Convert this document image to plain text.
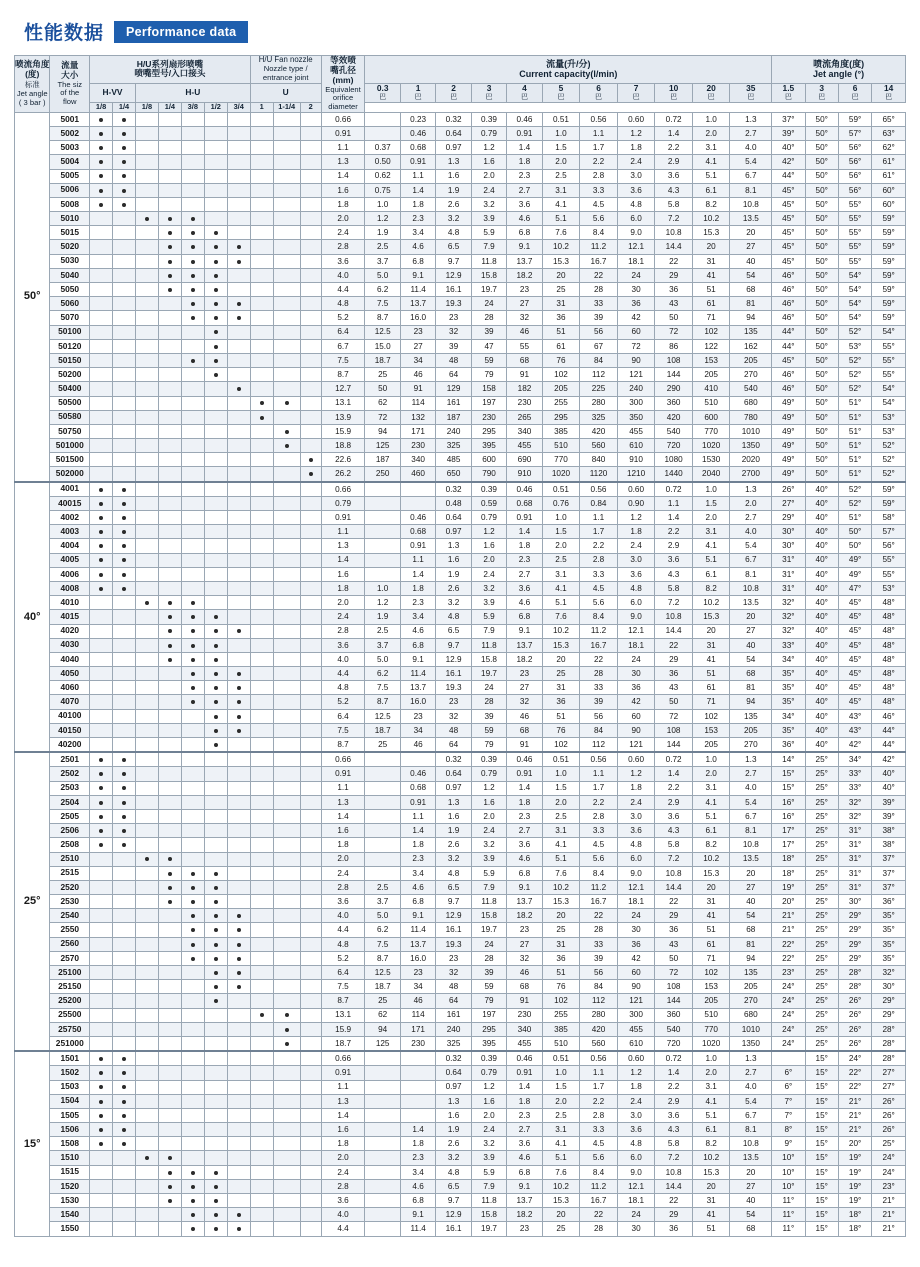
性能数据	Performance data
喷流角度
(度)
标准
Jet angle
( 3 bar )

流量
大小
The siz
of the
flow

H/U系列扇形喷嘴
喷嘴型号/入口接头

H/U Fan nozzle
Nozzle type / entrance joint

等效喷
嘴孔径
(mm)
Equivalent
orifice
diameter
	流量(升/分)
Current capacity(l/min)	喷流角度(度)
Jet angle (°)
H-VV	H-U	U	0.3
巴

1
巴

2
巴

3
巴

4
巴

5
巴

6
巴

7
巴

10
巴

20
巴

35
巴

1.5
巴

3
巴

6
巴

14
巴

		1/8	1/4	1/8	1/4	3/8	1/2	3/4	1	1-1/4	2																
50°	5001											0.66		0.23	0.32	0.39	0.46	0.51	0.56	0.60	0.72	1.0	1.3	37°	50°	59°	65°
	5002											0.91		0.46	0.64	0.79	0.91	1.0	1.1	1.2	1.4	2.0	2.7	39°	50°	57°	63°
	5003											1.1	0.37	0.68	0.97	1.2	1.4	1.5	1.7	1.8	2.2	3.1	4.0	40°	50°	56°	62°
	5004											1.3	0.50	0.91	1.3	1.6	1.8	2.0	2.2	2.4	2.9	4.1	5.4	42°	50°	56°	61°
	5005											1.4	0.62	1.1	1.6	2.0	2.3	2.5	2.8	3.0	3.6	5.1	6.7	44°	50°	56°	61°
	5006											1.6	0.75	1.4	1.9	2.4	2.7	3.1	3.3	3.6	4.3	6.1	8.1	45°	50°	56°	60°
	5008											1.8	1.0	1.8	2.6	3.2	3.6	4.1	4.5	4.8	5.8	8.2	10.8	45°	50°	55°	60°
	5010											2.0	1.2	2.3	3.2	3.9	4.6	5.1	5.6	6.0	7.2	10.2	13.5	45°	50°	55°	59°
	5015											2.4	1.9	3.4	4.8	5.9	6.8	7.6	8.4	9.0	10.8	15.3	20	45°	50°	55°	59°
	5020											2.8	2.5	4.6	6.5	7.9	9.1	10.2	11.2	12.1	14.4	20	27	45°	50°	55°	59°
	5030											3.6	3.7	6.8	9.7	11.8	13.7	15.3	16.7	18.1	22	31	40	45°	50°	55°	59°
	5040											4.0	5.0	9.1	12.9	15.8	18.2	20	22	24	29	41	54	46°	50°	54°	59°
	5050											4.4	6.2	11.4	16.1	19.7	23	25	28	30	36	51	68	46°	50°	54°	59°
	5060											4.8	7.5	13.7	19.3	24	27	31	33	36	43	61	81	46°	50°	54°	59°
	5070											5.2	8.7	16.0	23	28	32	36	39	42	50	71	94	46°	50°	54°	59°
	50100											6.4	12.5	23	32	39	46	51	56	60	72	102	135	44°	50°	52°	54°
	50120											6.7	15.0	27	39	47	55	61	67	72	86	122	162	44°	50°	53°	55°
	50150											7.5	18.7	34	48	59	68	76	84	90	108	153	205	45°	50°	52°	55°
	50200											8.7	25	46	64	79	91	102	112	121	144	205	270	46°	50°	52°	55°
	50400											12.7	50	91	129	158	182	205	225	240	290	410	540	46°	50°	52°	54°
	50500											13.1	62	114	161	197	230	255	280	300	360	510	680	49°	50°	51°	54°
	50580											13.9	72	132	187	230	265	295	325	350	420	600	780	49°	50°	51°	53°
	50750											15.9	94	171	240	295	340	385	420	455	540	770	1010	49°	50°	51°	53°
	501000											18.8	125	230	325	395	455	510	560	610	720	1020	1350	49°	50°	51°	52°
	501500											22.6	187	340	485	600	690	770	840	910	1080	1530	2020	49°	50°	51°	52°
	502000											26.2	250	460	650	790	910	1020	1120	1210	1440	2040	2700	49°	50°	51°	52°
40°	4001											0.66			0.32	0.39	0.46	0.51	0.56	0.60	0.72	1.0	1.3	26°	40°	52°	59°
	40015											0.79			0.48	0.59	0.68	0.76	0.84	0.90	1.1	1.5	2.0	27°	40°	52°	59°
	4002											0.91		0.46	0.64	0.79	0.91	1.0	1.1	1.2	1.4	2.0	2.7	29°	40°	51°	58°
	4003											1.1		0.68	0.97	1.2	1.4	1.5	1.7	1.8	2.2	3.1	4.0	30°	40°	50°	57°
	4004											1.3		0.91	1.3	1.6	1.8	2.0	2.2	2.4	2.9	4.1	5.4	30°	40°	50°	56°
	4005											1.4		1.1	1.6	2.0	2.3	2.5	2.8	3.0	3.6	5.1	6.7	31°	40°	49°	55°
	4006											1.6		1.4	1.9	2.4	2.7	3.1	3.3	3.6	4.3	6.1	8.1	31°	40°	49°	55°
	4008											1.8	1.0	1.8	2.6	3.2	3.6	4.1	4.5	4.8	5.8	8.2	10.8	31°	40°	47°	53°
	4010											2.0	1.2	2.3	3.2	3.9	4.6	5.1	5.6	6.0	7.2	10.2	13.5	32°	40°	45°	48°
	4015											2.4	1.9	3.4	4.8	5.9	6.8	7.6	8.4	9.0	10.8	15.3	20	32°	40°	45°	48°
	4020											2.8	2.5	4.6	6.5	7.9	9.1	10.2	11.2	12.1	14.4	20	27	32°	40°	45°	48°
	4030											3.6	3.7	6.8	9.7	11.8	13.7	15.3	16.7	18.1	22	31	40	33°	40°	45°	48°
	4040											4.0	5.0	9.1	12.9	15.8	18.2	20	22	24	29	41	54	34°	40°	45°	48°
	4050											4.4	6.2	11.4	16.1	19.7	23	25	28	30	36	51	68	35°	40°	45°	48°
	4060											4.8	7.5	13.7	19.3	24	27	31	33	36	43	61	81	35°	40°	45°	48°
	4070											5.2	8.7	16.0	23	28	32	36	39	42	50	71	94	35°	40°	45°	48°
	40100											6.4	12.5	23	32	39	46	51	56	60	72	102	135	34°	40°	43°	46°
	40150											7.5	18.7	34	48	59	68	76	84	90	108	153	205	35°	40°	43°	44°
	40200											8.7	25	46	64	79	91	102	112	121	144	205	270	36°	40°	42°	44°
25°	2501											0.66			0.32	0.39	0.46	0.51	0.56	0.60	0.72	1.0	1.3	14°	25°	34°	42°
	2502											0.91		0.46	0.64	0.79	0.91	1.0	1.1	1.2	1.4	2.0	2.7	15°	25°	33°	40°
	2503											1.1		0.68	0.97	1.2	1.4	1.5	1.7	1.8	2.2	3.1	4.0	15°	25°	33°	40°
	2504											1.3		0.91	1.3	1.6	1.8	2.0	2.2	2.4	2.9	4.1	5.4	16°	25°	32°	39°
	2505											1.4		1.1	1.6	2.0	2.3	2.5	2.8	3.0	3.6	5.1	6.7	16°	25°	32°	39°
	2506											1.6		1.4	1.9	2.4	2.7	3.1	3.3	3.6	4.3	6.1	8.1	17°	25°	31°	38°
	2508											1.8		1.8	2.6	3.2	3.6	4.1	4.5	4.8	5.8	8.2	10.8	17°	25°	31°	38°
	2510											2.0		2.3	3.2	3.9	4.6	5.1	5.6	6.0	7.2	10.2	13.5	18°	25°	31°	37°
	2515											2.4		3.4	4.8	5.9	6.8	7.6	8.4	9.0	10.8	15.3	20	18°	25°	31°	37°
	2520											2.8	2.5	4.6	6.5	7.9	9.1	10.2	11.2	12.1	14.4	20	27	19°	25°	31°	37°
	2530											3.6	3.7	6.8	9.7	11.8	13.7	15.3	16.7	18.1	22	31	40	20°	25°	30°	36°
	2540											4.0	5.0	9.1	12.9	15.8	18.2	20	22	24	29	41	54	21°	25°	29°	35°
	2550											4.4	6.2	11.4	16.1	19.7	23	25	28	30	36	51	68	21°	25°	29°	35°
	2560											4.8	7.5	13.7	19.3	24	27	31	33	36	43	61	81	22°	25°	29°	35°
	2570											5.2	8.7	16.0	23	28	32	36	39	42	50	71	94	22°	25°	29°	35°
	25100											6.4	12.5	23	32	39	46	51	56	60	72	102	135	23°	25°	28°	32°
	25150											7.5	18.7	34	48	59	68	76	84	90	108	153	205	24°	25°	28°	30°
	25200											8.7	25	46	64	79	91	102	112	121	144	205	270	24°	25°	26°	29°
	25500											13.1	62	114	161	197	230	255	280	300	360	510	680	24°	25°	26°	29°
	25750											15.9	94	171	240	295	340	385	420	455	540	770	1010	24°	25°	26°	28°
	251000											18.7	125	230	325	395	455	510	560	610	720	1020	1350	24°	25°	26°	28°
15°	1501											0.66			0.32	0.39	0.46	0.51	0.56	0.60	0.72	1.0	1.3		15°	24°	28°
	1502											0.91			0.64	0.79	0.91	1.0	1.1	1.2	1.4	2.0	2.7	6°	15°	22°	27°
	1503											1.1			0.97	1.2	1.4	1.5	1.7	1.8	2.2	3.1	4.0	6°	15°	22°	27°
	1504											1.3			1.3	1.6	1.8	2.0	2.2	2.4	2.9	4.1	5.4	7°	15°	21°	26°
	1505											1.4			1.6	2.0	2.3	2.5	2.8	3.0	3.6	5.1	6.7	7°	15°	21°	26°
	1506											1.6		1.4	1.9	2.4	2.7	3.1	3.3	3.6	4.3	6.1	8.1	8°	15°	21°	26°
	1508											1.8		1.8	2.6	3.2	3.6	4.1	4.5	4.8	5.8	8.2	10.8	9°	15°	20°	25°
	1510											2.0		2.3	3.2	3.9	4.6	5.1	5.6	6.0	7.2	10.2	13.5	10°	15°	19°	24°
	1515											2.4		3.4	4.8	5.9	6.8	7.6	8.4	9.0	10.8	15.3	20	10°	15°	19°	24°
	1520											2.8		4.6	6.5	7.9	9.1	10.2	11.2	12.1	14.4	20	27	10°	15°	19°	23°
	1530											3.6		6.8	9.7	11.8	13.7	15.3	16.7	18.1	22	31	40	11°	15°	19°	21°
	1540											4.0		9.1	12.9	15.8	18.2	20	22	24	29	41	54	11°	15°	18°	21°
	1550											4.4		11.4	16.1	19.7	23	25	28	30	36	51	68	11°	15°	18°	21°
